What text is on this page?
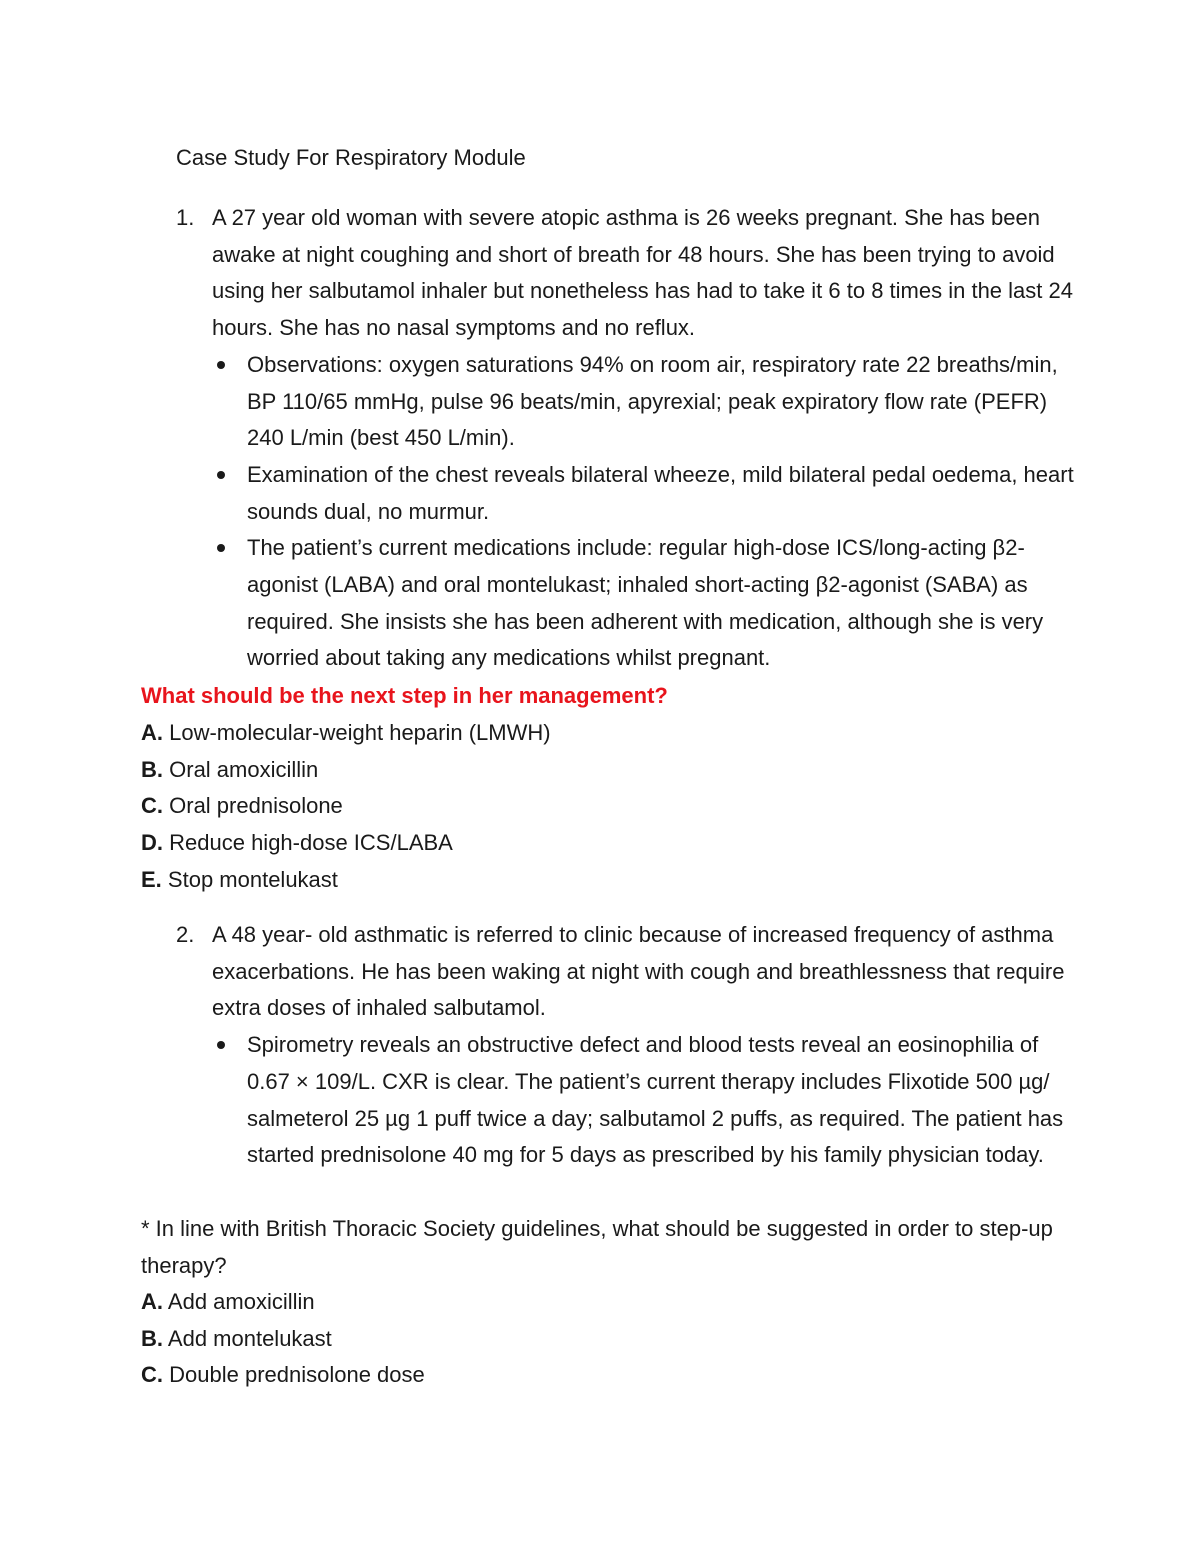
Case Study For Respiratory Module
1. A 27 year old woman with severe atopic asthma is 26 weeks pregnant. She has been awake at night coughing and short of breath for 48 hours. She has been trying to avoid using her salbutamol inhaler but nonetheless has had to take it 6 to 8 times in the last 24 hours. She has no nasal symptoms and no reflux.

Observations: oxygen saturations 94% on room air, respiratory rate 22 breaths/min, BP 110/65 mmHg, pulse 96 beats/min, apyrexial; peak expiratory flow rate (PEFR) 240 L/min (best 450 L/min).
Examination of the chest reveals bilateral wheeze, mild bilateral pedal oedema, heart sounds dual, no murmur.
The patient’s current medications include: regular high-dose ICS/long-acting β2-agonist (LABA) and oral montelukast; inhaled short-acting β2-agonist (SABA) as required. She insists she has been adherent with medication, although she is very worried about taking any medications whilst pregnant.
What should be the next step in her management?
A. Low-molecular-weight heparin (LMWH)
B. Oral amoxicillin
C. Oral prednisolone
D. Reduce high-dose ICS/LABA
E. Stop montelukast
2. A 48 year- old asthmatic is referred to clinic because of increased frequency of asthma exacerbations. He has been waking at night with cough and breathlessness that require extra doses of inhaled salbutamol.

Spirometry reveals an obstructive defect and blood tests reveal an eosinophilia of 0.67 × 109/L. CXR is clear. The patient’s current therapy includes Flixotide 500 µg/ salmeterol 25 µg 1 puff twice a day; salbutamol 2 puffs, as required. The patient has started prednisolone 40 mg for 5 days as prescribed by his family physician today.
* In line with British Thoracic Society guidelines, what should be suggested in order to step-up therapy?
A. Add amoxicillin
B. Add montelukast
C. Double prednisolone dose
